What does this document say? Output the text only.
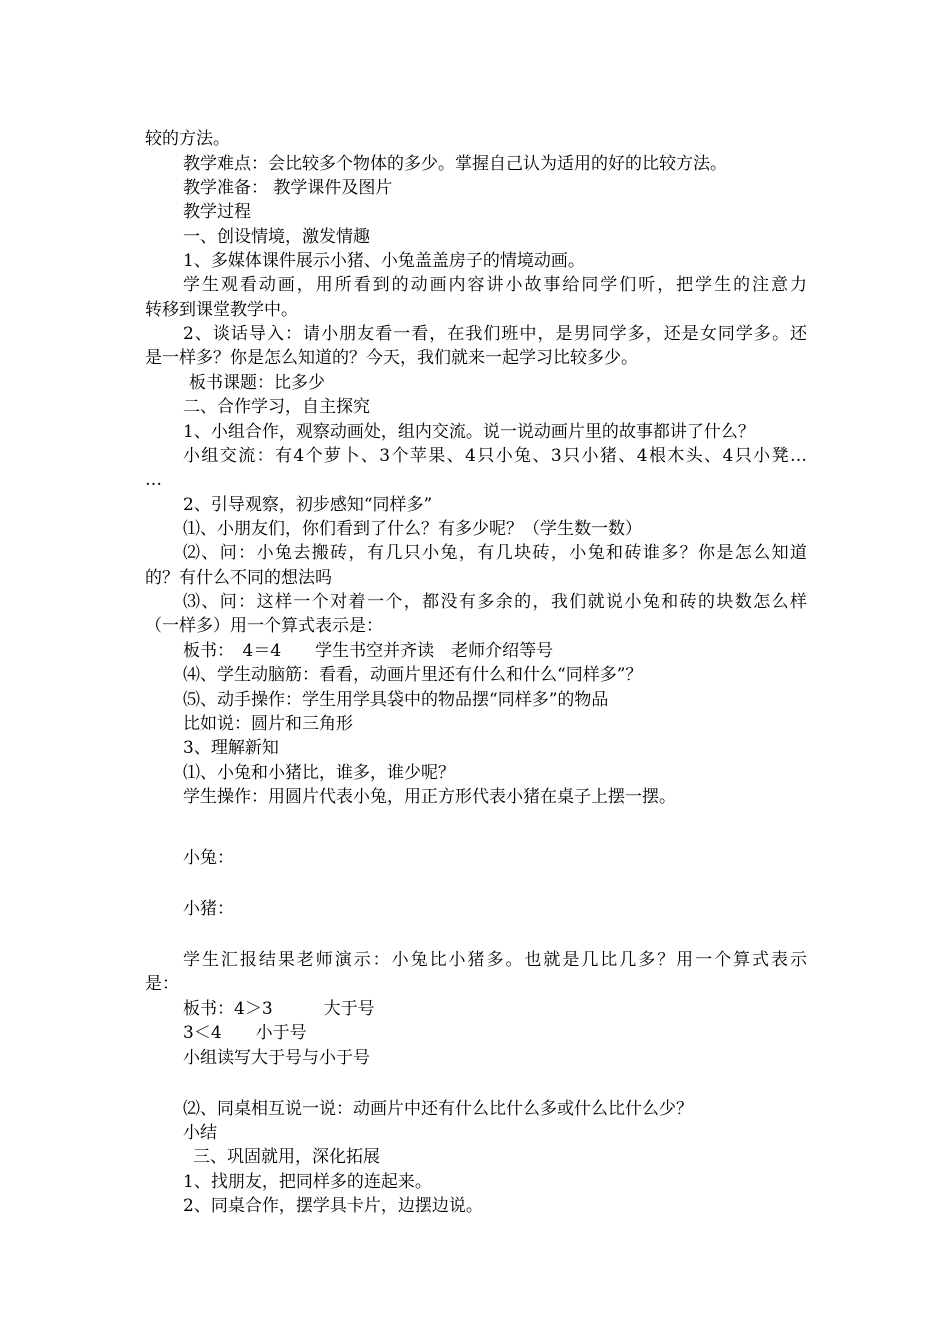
较的方法。
教学难点：会比较多个物体的多少。掌握自己认为适用的好的比较方法。
教学准备： 教学课件及图片
教学过程
一、创设情境，激发情趣
1、多媒体课件展示小猪、小兔盖盖房子的情境动画。
学生观看动画，用所看到的动画内容讲小故事给同学们听，把学生的注意力
转移到课堂教学中。
2、谈话导入：请小朋友看一看，在我们班中，是男同学多，还是女同学多。还
是一样多？你是怎么知道的？今天，我们就来一起学习比较多少。
板书课题：比多少
二、合作学习，自主探究
1、小组合作，观察动画处，组内交流。说一说动画片里的故事都讲了什么？
小组交流：有4个萝卜、3个苹果、4只小兔、3只小猪、4根木头、4只小凳…
…
2、引导观察，初步感知“同样多”
⑴、小朋友们，你们看到了什么？有多少呢？（学生数一数）
⑵、问：小兔去搬砖，有几只小兔，有几块砖，小兔和砖谁多？你是怎么知道
的？有什么不同的想法吗
⑶、问：这样一个对着一个，都没有多余的，我们就说小兔和砖的块数怎么样
（一样多）用一个算式表示是：
板书：　4＝4　　学生书空并齐读　老师介绍等号
⑷、学生动脑筋：看看，动画片里还有什么和什么“同样多”？
⑸、动手操作：学生用学具袋中的物品摆“同样多”的物品
比如说：圆片和三角形
3、理解新知
⑴、小兔和小猪比，谁多，谁少呢？
学生操作：用圆片代表小兔，用正方形代表小猪在桌子上摆一摆。
小兔：
小猪：
学生汇报结果老师演示：小兔比小猪多。也就是几比几多？用一个算式表示
是：
板书：4＞3　　　大于号
3＜4　　小于号
小组读写大于号与小于号
⑵、同桌相互说一说：动画片中还有什么比什么多或什么比什么少？
小结
三、巩固就用，深化拓展
1、找朋友，把同样多的连起来。
2、同桌合作，摆学具卡片，边摆边说。
